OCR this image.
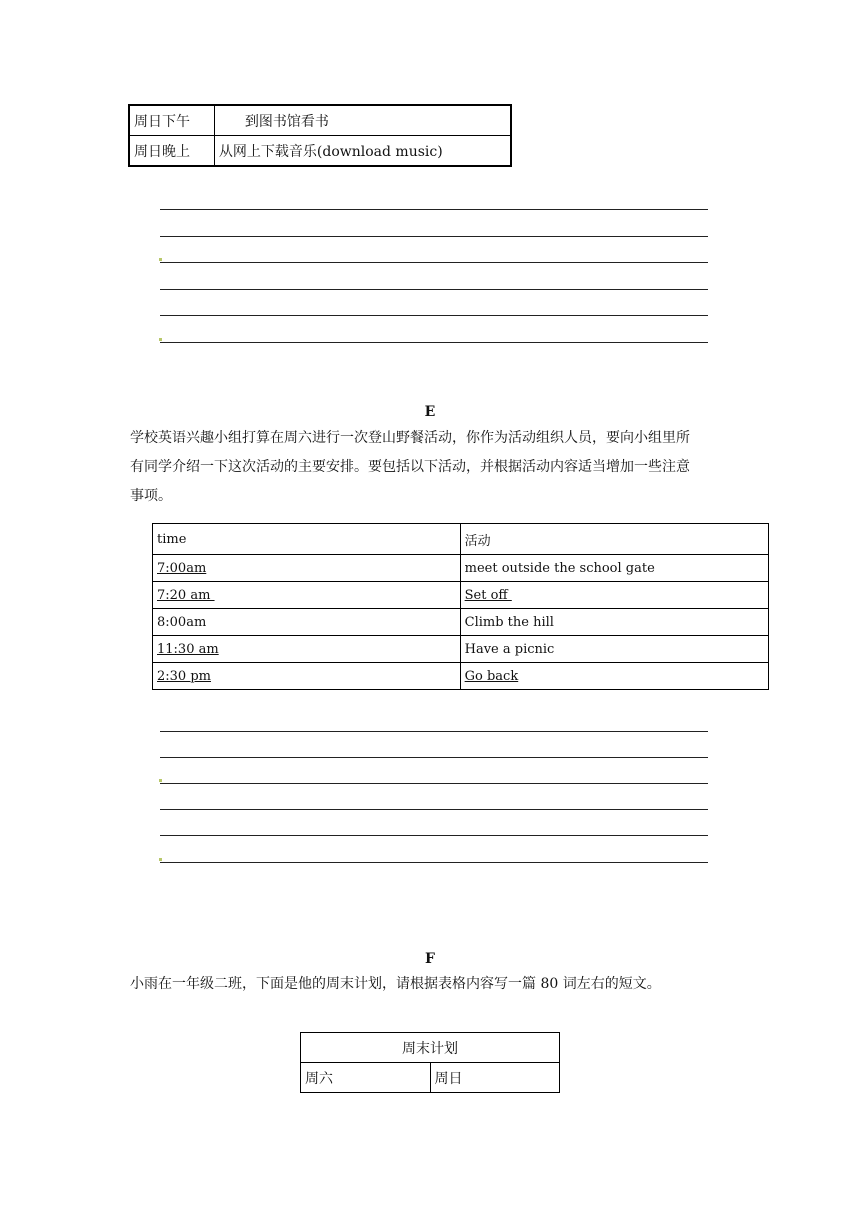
周日下午	到图书馆看书
周日晚上	从网上下载音乐(download music)
E
学校英语兴趣小组打算在周六进行一次登山野餐活动，你作为活动组织人员，要向小组里所
有同学介绍一下这次活动的主要安排。要包括以下活动，并根据活动内容适当增加一些注意
事项。
time	活动
7:00am	meet outside the school gate
7:20 am	Set off
8:00am	Climb the hill
11:30 am	Have a picnic
2:30 pm	Go back
F
小雨在一年级二班，下面是他的周末计划，请根据表格内容写一篇 80 词左右的短文。
周末计划
周六	周日
